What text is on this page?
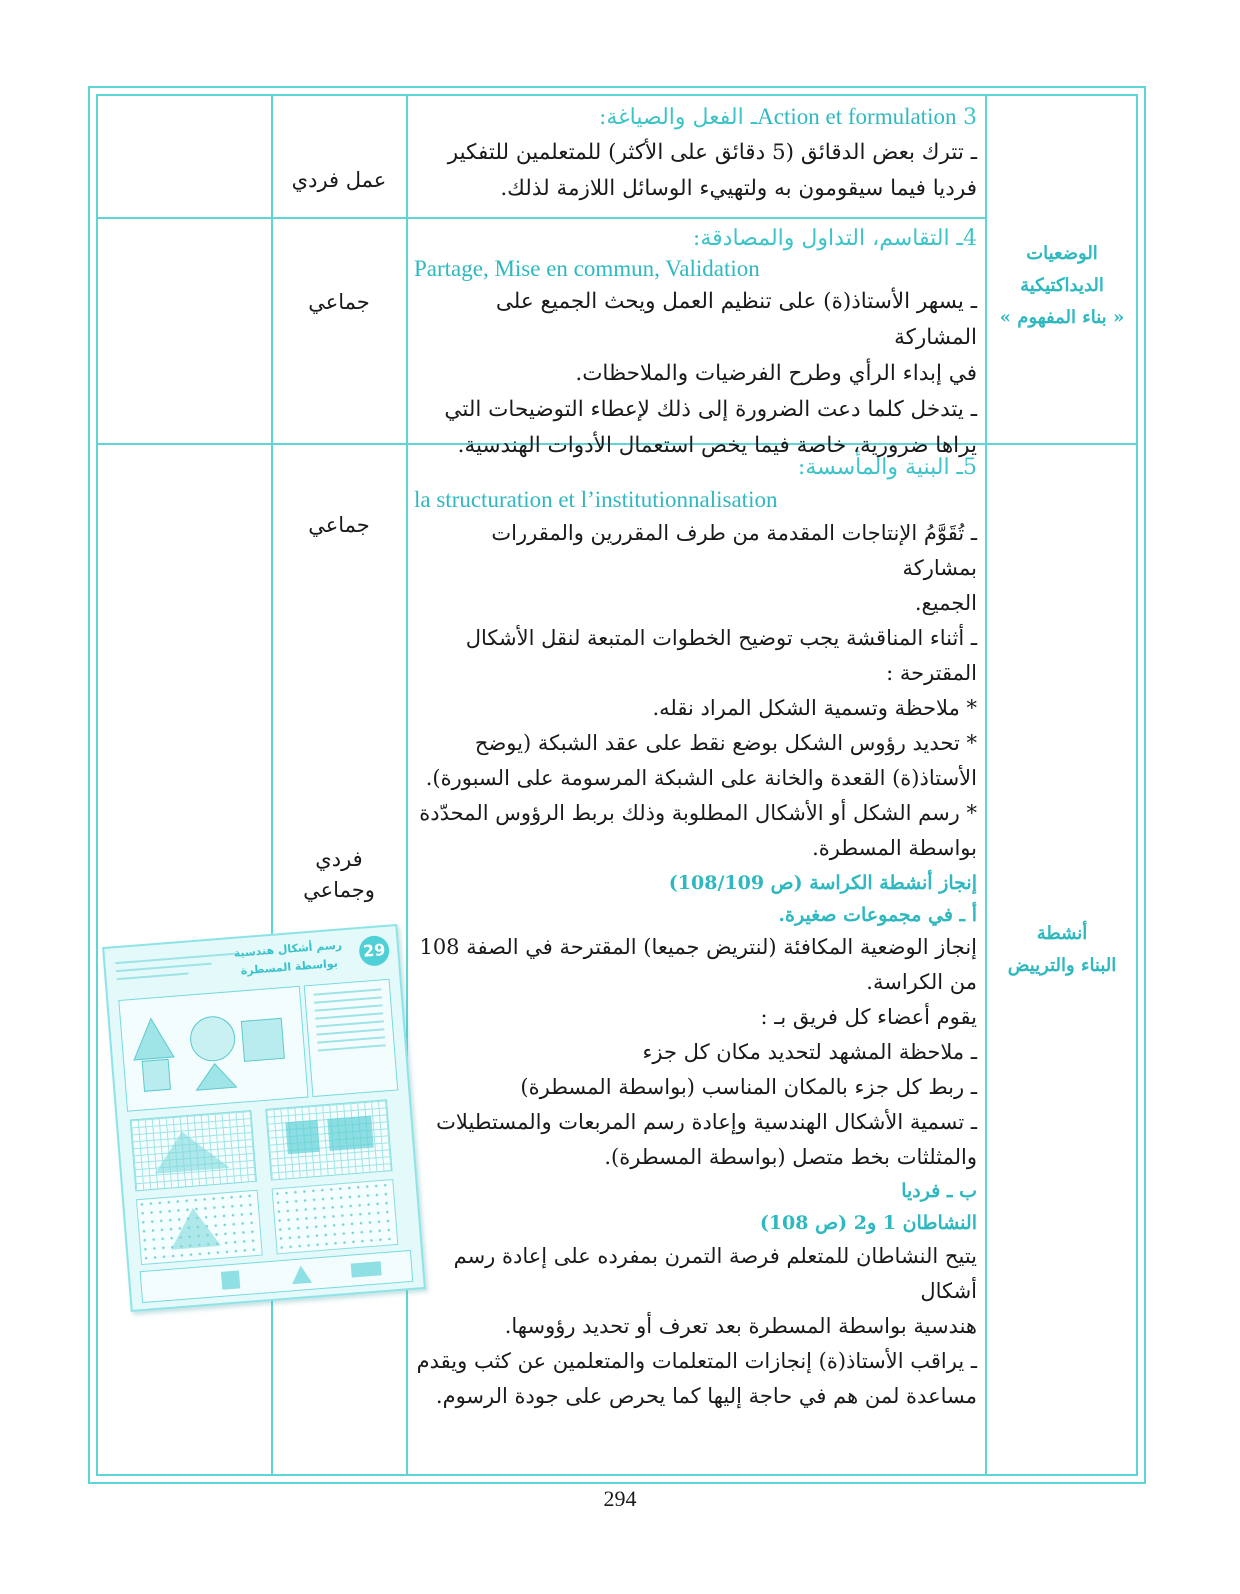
عمل فردي

Action et formulation 3ـ الفعل والصياغة:

ـ تترك بعض الدقائق (5 دقائق على الأكثر) للمتعلمين للتفكير

فرديا فيما سيقومون به ولتهييء الوسائل اللازمة لذلك.

جماعي

4ـ التقاسم، التداول والمصادقة:

Partage, Mise en commun, Validation

ـ يسهر الأستاذ(ة) على تنظيم العمل ويحث الجميع على المشاركة

في إبداء الرأي وطرح الفرضيات والملاحظات.

ـ يتدخل كلما دعت الضرورة إلى ذلك لإعطاء التوضيحات التي

يراها ضرورية، خاصة فيما يخص استعمال الأدوات الهندسية.

الوضعيات
الديداكتيكية
« بناء المفهوم »
جماعي
فردي
وجماعي

5ـ البنية والمأسسة:

la structuration et l’institutionnalisation

ـ تُقَوَّمُ الإنتاجات المقدمة من طرف المقررين والمقررات بمشاركة

الجميع.

ـ أثناء المناقشة يجب توضيح الخطوات المتبعة لنقل الأشكال

المقترحة :

* ملاحظة وتسمية الشكل المراد نقله.

* تحديد رؤوس الشكل بوضع نقط على عقد الشبكة (يوضح

الأستاذ(ة) القعدة والخانة على الشبكة المرسومة على السبورة).

* رسم الشكل أو الأشكال المطلوبة وذلك بربط الرؤوس المحدّدة

بواسطة المسطرة.

إنجاز أنشطة الكراسة (ص 108/109)

أ ـ في مجموعات صغيرة.

إنجاز الوضعية المكافئة (لنتريض جميعا) المقترحة في الصفة 108

من الكراسة.

يقوم أعضاء كل فريق بـ :

ـ ملاحظة المشهد لتحديد مكان كل جزء

ـ ربط كل جزء بالمكان المناسب (بواسطة المسطرة)

ـ تسمية الأشكال الهندسية وإعادة رسم المربعات والمستطيلات

والمثلثات بخط متصل (بواسطة المسطرة).

ب ـ فرديا

النشاطان 1 و2 (ص 108)

يتيح النشاطان للمتعلم فرصة التمرن بمفرده على إعادة رسم أشكال

هندسية بواسطة المسطرة بعد تعرف أو تحديد رؤوسها.

ـ يراقب الأستاذ(ة) إنجازات المتعلمات والمتعلمين عن كثب ويقدم

مساعدة لمن هم في حاجة إليها كما يحرص على جودة الرسوم.

أنشطة
البناء والترييض
29
رسم أشكال هندسية بواسطة المسطرة
294
